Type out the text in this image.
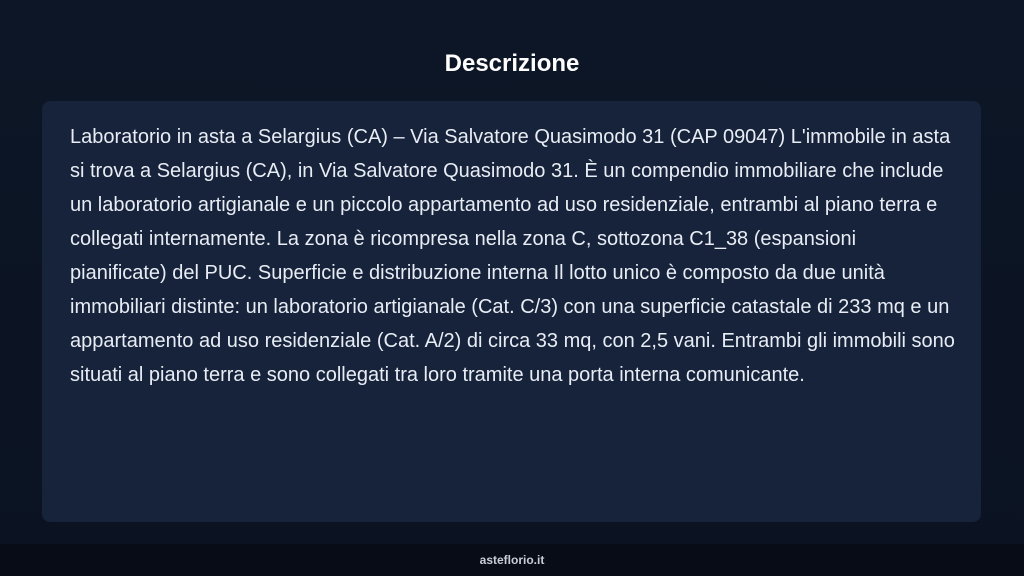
Descrizione

Laboratorio in asta a Selargius (CA) – Via Salvatore Quasimodo 31 (CAP 09047) L'immobile in asta si trova a Selargius (CA), in Via Salvatore Quasimodo 31. È un compendio immobiliare che include un laboratorio artigianale e un piccolo appartamento ad uso residenziale, entrambi al piano terra e collegati internamente. La zona è ricompresa nella zona C, sottozona C1_38 (espansioni pianificate) del PUC. Superficie e distribuzione interna Il lotto unico è composto da due unità immobiliari distinte: un laboratorio artigianale (Cat. C/3) con una superficie catastale di 233 mq e un appartamento ad uso residenziale (Cat. A/2) di circa 33 mq, con 2,5 vani. Entrambi gli immobili sono situati al piano terra e sono collegati tra loro tramite una porta interna comunicante.

asteflorio.it
